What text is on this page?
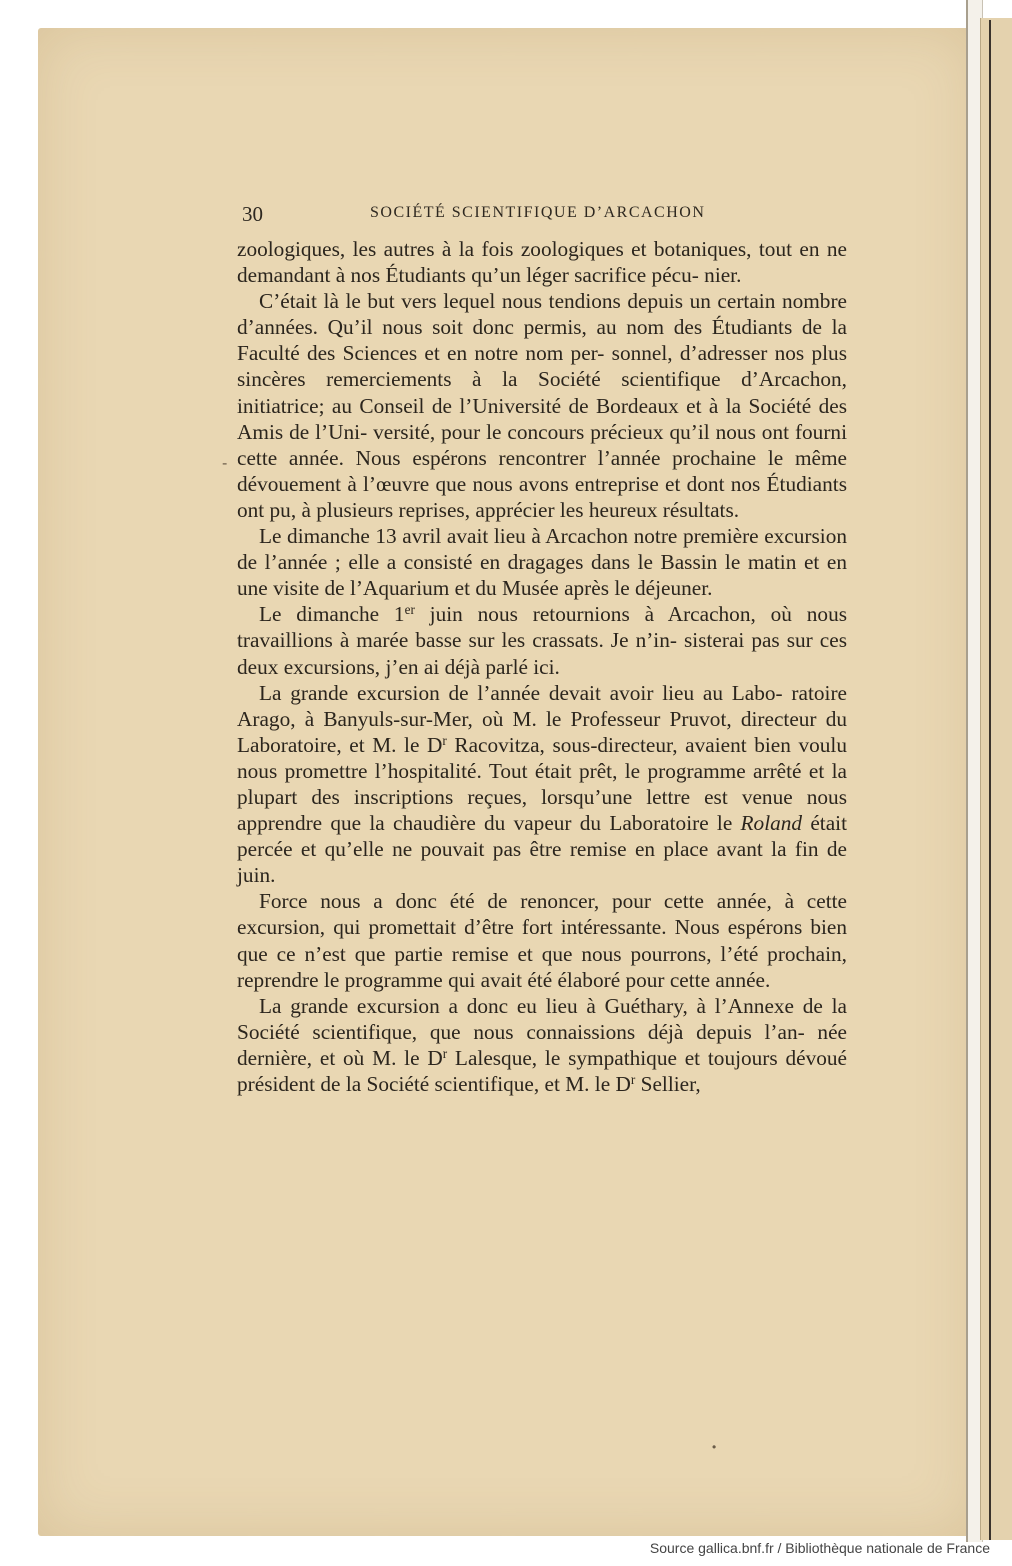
-
•
30	SOCIÉTÉ SCIENTIFIQUE D’ARCACHON

zoologiques, les autres à la fois zoologiques et botaniques, tout en ne demandant à nos Étudiants qu’un léger sacrifice pécu- nier.

C’était là le but vers lequel nous tendions depuis un certain nombre d’années. Qu’il nous soit donc permis, au nom des Étudiants de la Faculté des Sciences et en notre nom per- sonnel, d’adresser nos plus sincères remerciements à la Société scientifique d’Arcachon, initiatrice; au Conseil de l’Université de Bordeaux et à la Société des Amis de l’Uni- versité, pour le concours précieux qu’il nous ont fourni cette année. Nous espérons rencontrer l’année prochaine le même dévouement à l’œuvre que nous avons entreprise et dont nos Étudiants ont pu, à plusieurs reprises, apprécier les heureux résultats.

Le dimanche 13 avril avait lieu à Arcachon notre première excursion de l’année ; elle a consisté en dragages dans le Bassin le matin et en une visite de l’Aquarium et du Musée après le déjeuner.

Le dimanche 1er juin nous retournions à Arcachon, où nous travaillions à marée basse sur les crassats. Je n’in- sisterai pas sur ces deux excursions, j’en ai déjà parlé ici.

La grande excursion de l’année devait avoir lieu au Labo- ratoire Arago, à Banyuls-sur-Mer, où M. le Professeur Pruvot, directeur du Laboratoire, et M. le $D^r$ Racovitza, sous-directeur, avaient bien voulu nous promettre l’hospitalité. Tout était prêt, le programme arrêté et la plupart des inscriptions reçues, lorsqu’une lettre est venue nous apprendre que la chaudière du vapeur du Laboratoire le Roland était percée et qu’elle ne pouvait pas être remise en place avant la fin de juin.

Force nous a donc été de renoncer, pour cette année, à cette excursion, qui promettait d’être fort intéressante. Nous espérons bien que ce n’est que partie remise et que nous pourrons, l’été prochain, reprendre le programme qui avait été élaboré pour cette année.

La grande excursion a donc eu lieu à Guéthary, à l’Annexe de la Société scientifique, que nous connaissions déjà depuis l’an- née dernière, et où M. le $D^r$ Lalesque, le sympathique et toujours dévoué président de la Société scientifique, et M. le $D^r$ Sellier,

Source gallica.bnf.fr / Bibliothèque nationale de France
